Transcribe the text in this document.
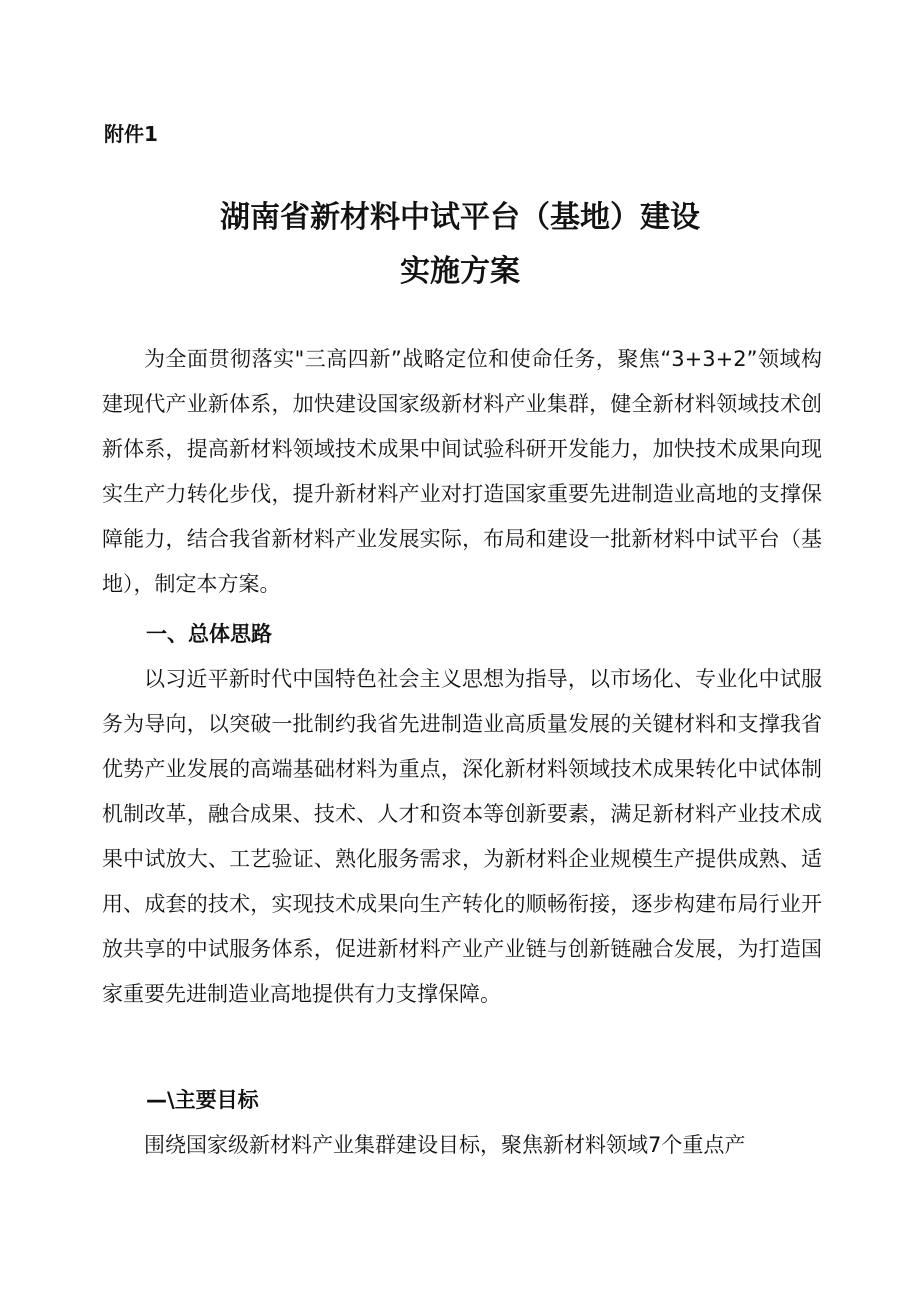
附件1
湖南省新材料中试平台（基地）建设
实施方案

为全面贯彻落实"三高四新”战略定位和使命任务，聚焦“3+3+2”领域构建现代产业新体系，加快建设国家级新材料产业集群，健全新材料领域技术创新体系，提高新材料领域技术成果中间试验科研开发能力，加快技术成果向现实生产力转化步伐，提升新材料产业对打造国家重要先进制造业高地的支撑保障能力，结合我省新材料产业发展实际，布局和建设一批新材料中试平台（基地），制定本方案。

一、总体思路

以习近平新时代中国特色社会主义思想为指导，以市场化、专业化中试服务为导向，以突破一批制约我省先进制造业高质量发展的关键材料和支撑我省优势产业发展的高端基础材料为重点，深化新材料领域技术成果转化中试体制机制改革，融合成果、技术、人才和资本等创新要素，满足新材料产业技术成果中试放大、工艺验证、熟化服务需求，为新材料企业规模生产提供成熟、适用、成套的技术，实现技术成果向生产转化的顺畅衔接，逐步构建布局行业开放共享的中试服务体系，促进新材料产业产业链与创新链融合发展，为打造国家重要先进制造业高地提供有力支撑保障。

—\主要目标

围绕国家级新材料产业集群建设目标，聚焦新材料领域7个重点产
